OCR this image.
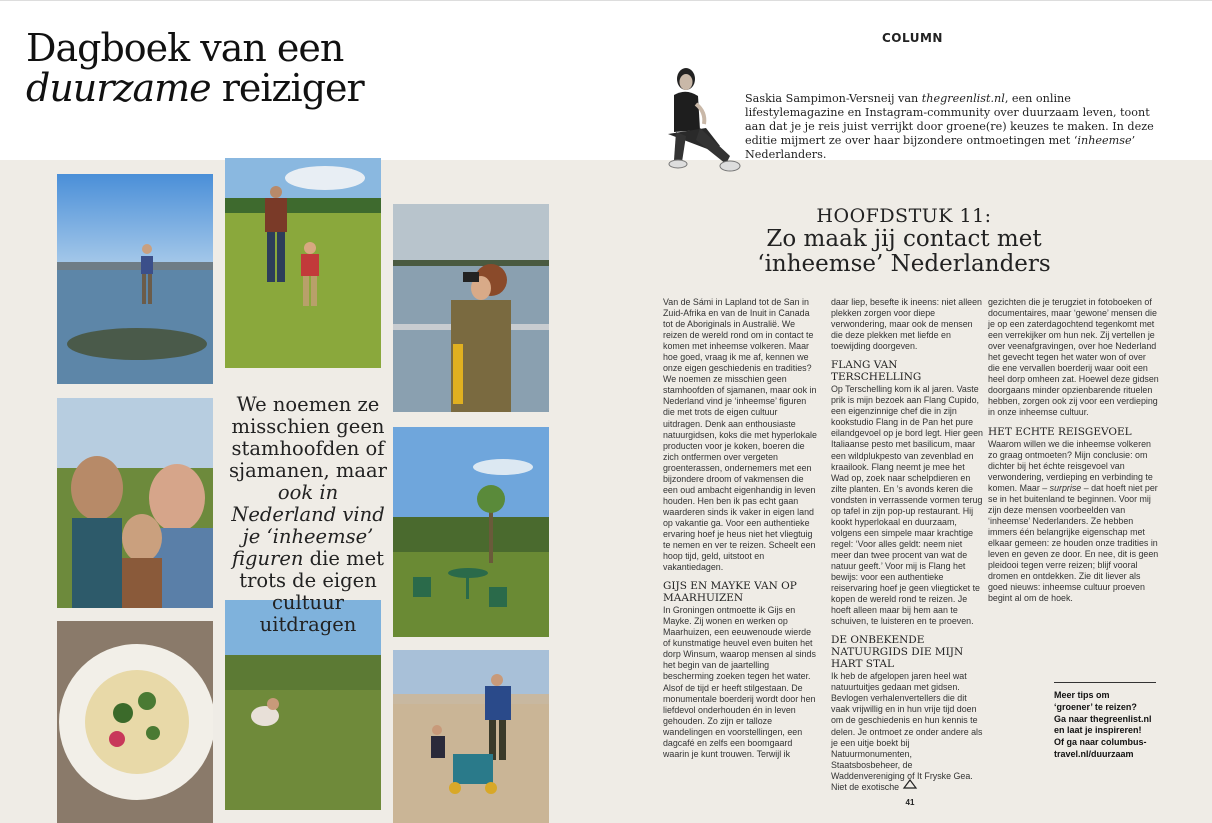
Dagboek van een
duurzame reiziger
COLUMN
Saskia Sampimon-Versneij van thegreenlist.nl, een online lifestylemagazine en Instagram-community over duurzaam leven, toont aan dat je je reis juist verrijkt door groene(re) keuzes te maken. In deze editie mijmert ze over haar bijzondere ontmoetingen met ‘inheemse’ Nederlanders.
We noemen ze misschien geen stamhoofden of sjamanen, maar ook in Nederland vind je ‘inheemse’ figuren die met trots de eigen cultuur uitdragen
HOOFDSTUK 11:
Zo maak jij contact met
‘inheemse’ Nederlanders

Van de Sámi in Lapland tot de San in Zuid-Afrika en van de Inuit in Canada tot de Aboriginals in Australië. We reizen de wereld rond om in contact te komen met inheemse volkeren. Maar hoe goed, vraag ik me af, kennen we onze eigen geschiedenis en tradities? We noemen ze misschien geen stamhoofden of sjamanen, maar ook in Nederland vind je ‘inheemse’ figuren die met trots de eigen cultuur uitdragen. Denk aan enthousiaste natuurgidsen, koks die met hyperlokale producten voor je koken, boeren die zich ontfermen over vergeten groenterassen, ondernemers met een bijzondere droom of vakmensen die een oud ambacht eigenhandig in leven houden. Hen ben ik pas echt gaan waarderen sinds ik vaker in eigen land op vakantie ga. Voor een authentieke ervaring hoef je heus niet het vliegtuig te nemen en ver te reizen. Scheelt een hoop tijd, geld, uitstoot en vakantiedagen.

GIJS EN MAYKE VAN OP MAARHUIZEN

In Groningen ontmoette ik Gijs en Mayke. Zij wonen en werken op Maarhuizen, een eeuwenoude wierde of kunstmatige heuvel even buiten het dorp Winsum, waarop mensen al sinds het begin van de jaartelling bescherming zoeken tegen het water. Alsof de tijd er heeft stilgestaan. De monumentale boerderij wordt door hen liefdevol onderhouden én in leven gehouden. Zo zijn er talloze wandelingen en voorstellingen, een dagcafé en zelfs een boomgaard waarin je kunt trouwen. Terwijl ik

daar liep, besefte ik ineens: niet alleen plekken zorgen voor diepe verwondering, maar ook de mensen die deze plekken met liefde en toewijding doorgeven.

FLANG VAN TERSCHELLING

Op Terschelling kom ik al jaren. Vaste prik is mijn bezoek aan Flang Cupido, een eigenzinnige chef die in zijn kookstudio Flang in de Pan het pure eilandgevoel op je bord legt. Hier geen Italiaanse pesto met basilicum, maar een wildplukpesto van zevenblad en kraailook. Flang neemt je mee het Wad op, zoek naar schelpdieren en zilte planten. En ’s avonds keren die vondsten in verrassende vormen terug op tafel in zijn pop-up restaurant. Hij kookt hyperlokaal en duurzaam, volgens een simpele maar krachtige regel: ‘Voor alles geldt: neem niet meer dan twee procent van wat de natuur geeft.’ Voor mij is Flang het bewijs: voor een authentieke reiservaring hoef je geen vliegticket te kopen de wereld rond te reizen. Je hoeft alleen maar bij hem aan te schuiven, te luisteren en te proeven.

DE ONBEKENDE NATUURGIDS DIE MIJN HART STAL

Ik heb de afgelopen jaren heel wat natuurtuitjes gedaan met gidsen. Bevlogen verhalenvertellers die dit vaak vrijwillig en in hun vrije tijd doen om de geschiedenis en hun kennis te delen. Je ontmoet ze onder andere als je een uitje boekt bij Natuurmonumenten, Staatsbosbeheer, de Waddenvereniging of It Fryske Gea. Niet de exotische

gezichten die je terugziet in fotoboeken of documentaires, maar ‘gewone’ mensen die je op een zaterdagochtend tegenkomt met een verrekijker om hun nek. Zij vertellen je over veenafgravingen, over hoe Nederland het gevecht tegen het water won of over die ene vervallen boerderij waar ooit een heel dorp omheen zat. Hoewel deze gidsen doorgaans minder opzienbarende rituelen hebben, zorgen ook zij voor een verdieping in onze inheemse cultuur.

HET ECHTE REISGEVOEL

Waarom willen we die inheemse volkeren zo graag ontmoeten? Mijn conclusie: om dichter bij het échte reisgevoel van verwondering, verdieping en verbinding te komen. Maar – surprise – dat hoeft niet per se in het buitenland te beginnen. Voor mij zijn deze mensen voorbeelden van ‘inheemse’ Nederlanders. Ze hebben immers één belangrijke eigenschap met elkaar gemeen: ze houden onze tradities in leven en geven ze door. En nee, dit is geen pleidooi tegen verre reizen; blijf vooral dromen en ontdekken. Zie dit liever als goed nieuws: inheemse cultuur proeven begint al om de hoek.

Meer tips om
‘groener’ te reizen?
Ga naar thegreenlist.nl
en laat je inspireren!
Of ga naar columbus-
travel.nl/duurzaam
41
